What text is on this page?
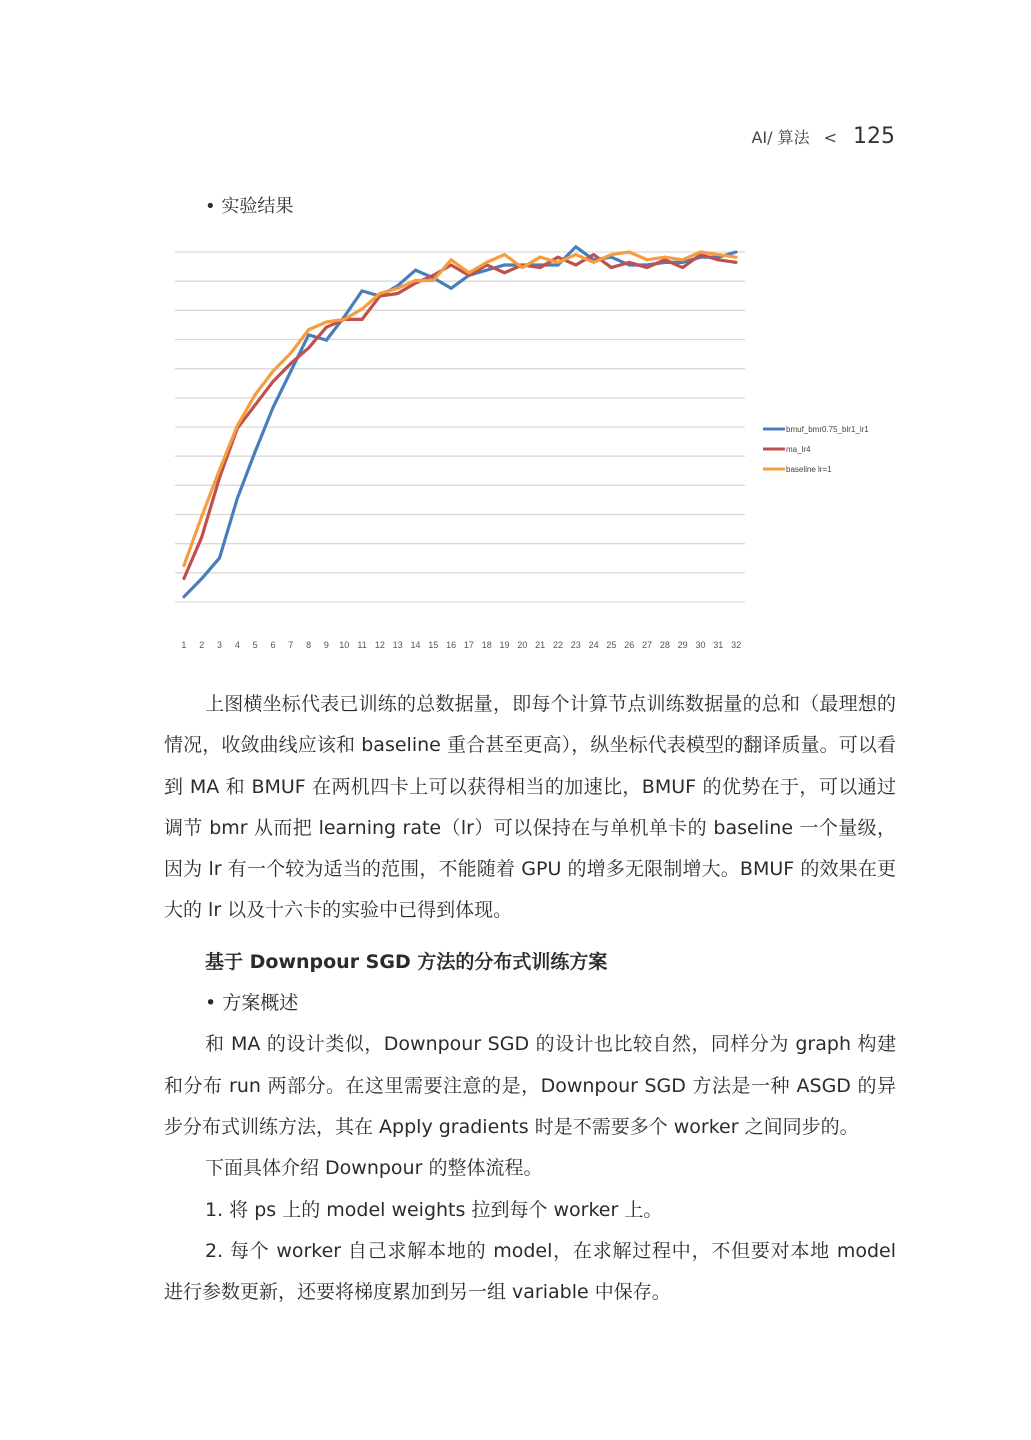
AI/ 算法 < 125
• 实验结果
1 2 3 4 5 6 7 8 9 10 11 12 13 14 15 16 17 18 19 20 21 22 23 24 25 26 27 28 29 30 31 32
bmuf_bmr0.75_blr1_lr1
ma_lr4
baseline lr=1

上图横坐标代表已训练的总数据量，即每个计算节点训练数据量的总和（最理想的情况，收敛曲线应该和 baseline 重合甚至更高），纵坐标代表模型的翻译质量。可以看到 MA 和 BMUF 在两机四卡上可以获得相当的加速比，BMUF 的优势在于，可以通过调节 bmr 从而把 learning rate（lr）可以保持在与单机单卡的 baseline 一个量级，因为 lr 有一个较为适当的范围，不能随着 GPU 的增多无限制增大。BMUF 的效果在更大的 lr 以及十六卡的实验中已得到体现。

基于 Downpour SGD 方法的分布式训练方案

• 方案概述

和 MA 的设计类似，Downpour SGD 的设计也比较自然，同样分为 graph 构建和分布 run 两部分。在这里需要注意的是，Downpour SGD 方法是一种 ASGD 的异步分布式训练方法，其在 Apply gradients 时是不需要多个 worker 之间同步的。

下面具体介绍 Downpour 的整体流程。

1. 将 ps 上的 model weights 拉到每个 worker 上。

2. 每个 worker 自己求解本地的 model，在求解过程中，不但要对本地 model 进行参数更新，还要将梯度累加到另一组 variable 中保存。
